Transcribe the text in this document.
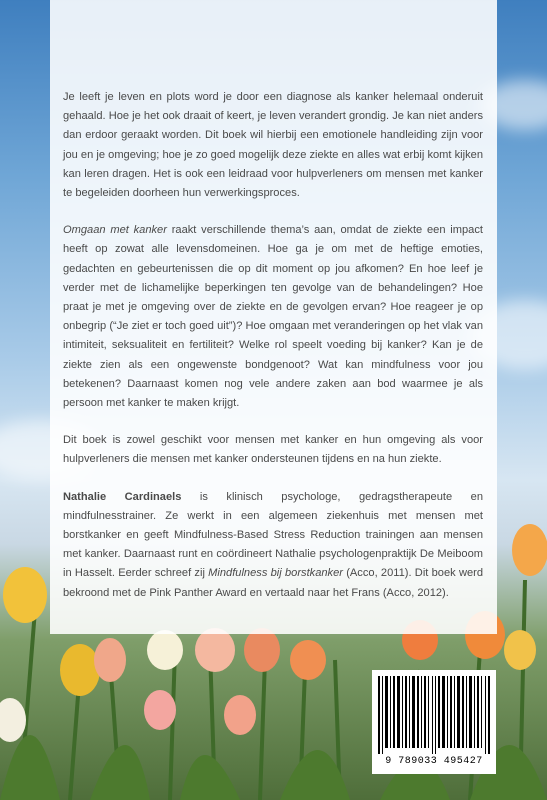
Je leeft je leven en plots word je door een diagnose als kanker helemaal onderuit gehaald. Hoe je het ook draait of keert, je leven verandert grondig. Je kan niet anders dan erdoor geraakt worden. Dit boek wil hierbij een emotionele handleiding zijn voor jou en je omgeving; hoe je zo goed mogelijk deze ziekte en alles wat erbij komt kijken kan leren dragen. Het is ook een leidraad voor hulpverleners om mensen met kanker te begeleiden doorheen hun verwerkingsproces.

Omgaan met kanker raakt verschillende thema’s aan, omdat de ziekte een impact heeft op zowat alle levensdomeinen. Hoe ga je om met de heftige emoties, gedachten en gebeurtenissen die op dit moment op jou afkomen? En hoe leef je verder met de lichamelijke beperkingen ten gevolge van de behandelingen? Hoe praat je met je omgeving over de ziekte en de gevolgen ervan? Hoe reageer je op onbegrip (“Je ziet er toch goed uit”)? Hoe omgaan met veranderingen op het vlak van intimiteit, seksualiteit en fertiliteit? Welke rol speelt voeding bij kanker? Kan je de ziekte zien als een ongewenste bondgenoot? Wat kan mindfulness voor jou betekenen? Daarnaast komen nog vele andere zaken aan bod waarmee je als persoon met kanker te maken krijgt.

Dit boek is zowel geschikt voor mensen met kanker en hun omgeving als voor hulpverleners die mensen met kanker ondersteunen tijdens en na hun ziekte.

Nathalie Cardinaels is klinisch psychologe, gedragstherapeute en mindfulnesstrainer. Ze werkt in een algemeen ziekenhuis met mensen met borstkanker en geeft Mindfulness-Based Stress Reduction trainingen aan mensen met kanker. Daarnaast runt en coördineert Nathalie psychologenpraktijk De Meiboom in Hasselt. Eerder schreef zij Mindfulness bij borstkanker (Acco, 2011). Dit boek werd bekroond met de Pink Panther Award en vertaald naar het Frans (Acco, 2012).

9 789033 495427
